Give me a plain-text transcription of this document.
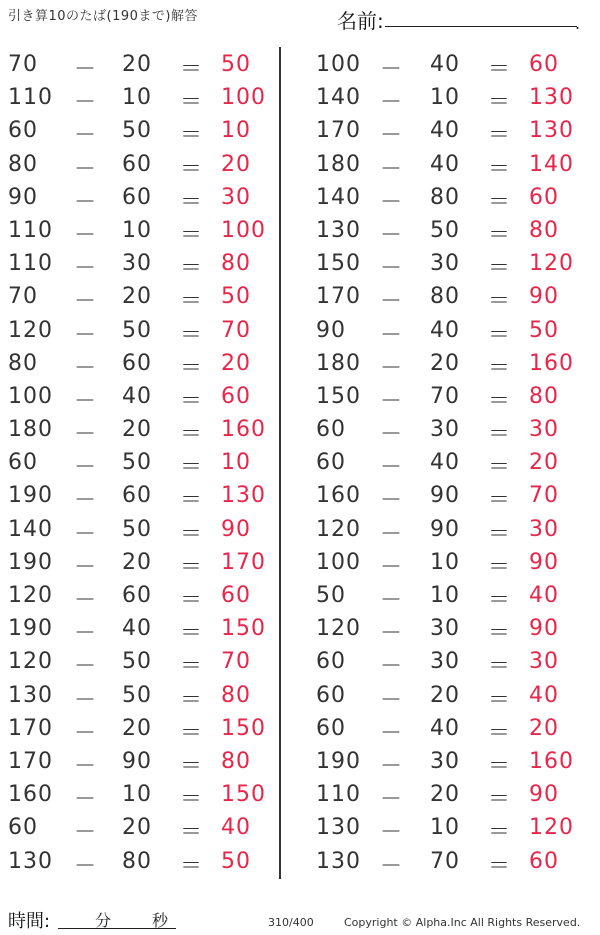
引き算10のたば(190まで)解答	名前:	.
70 － 20 ＝ 50
110 － 10 ＝ 100
60 － 50 ＝ 10
80 － 60 ＝ 20
90 － 60 ＝ 30
110 － 10 ＝ 100
110 － 30 ＝ 80
70 － 20 ＝ 50
120 － 50 ＝ 70
80 － 60 ＝ 20
100 － 40 ＝ 60
180 － 20 ＝ 160
60 － 50 ＝ 10
190 － 60 ＝ 130
140 － 50 ＝ 90
190 － 20 ＝ 170
120 － 60 ＝ 60
190 － 40 ＝ 150
120 － 50 ＝ 70
130 － 50 ＝ 80
170 － 20 ＝ 150
170 － 90 ＝ 80
160 － 10 ＝ 150
60 － 20 ＝ 40
130 － 80 ＝ 50
100 － 40 ＝ 60
140 － 10 ＝ 130
170 － 40 ＝ 130
180 － 40 ＝ 140
140 － 80 ＝ 60
130 － 50 ＝ 80
150 － 30 ＝ 120
170 － 80 ＝ 90
90 － 40 ＝ 50
180 － 20 ＝ 160
150 － 70 ＝ 80
60 － 30 ＝ 30
60 － 40 ＝ 20
160 － 90 ＝ 70
120 － 90 ＝ 30
100 － 10 ＝ 90
50 － 10 ＝ 40
120 － 30 ＝ 90
60 － 30 ＝ 30
60 － 20 ＝ 40
60 － 40 ＝ 20
190 － 30 ＝ 160
110 － 20 ＝ 90
130 － 10 ＝ 120
130 － 70 ＝ 60
時間:	分	秒	310/400	Copyright © Alpha.Inc All Rights Reserved.
